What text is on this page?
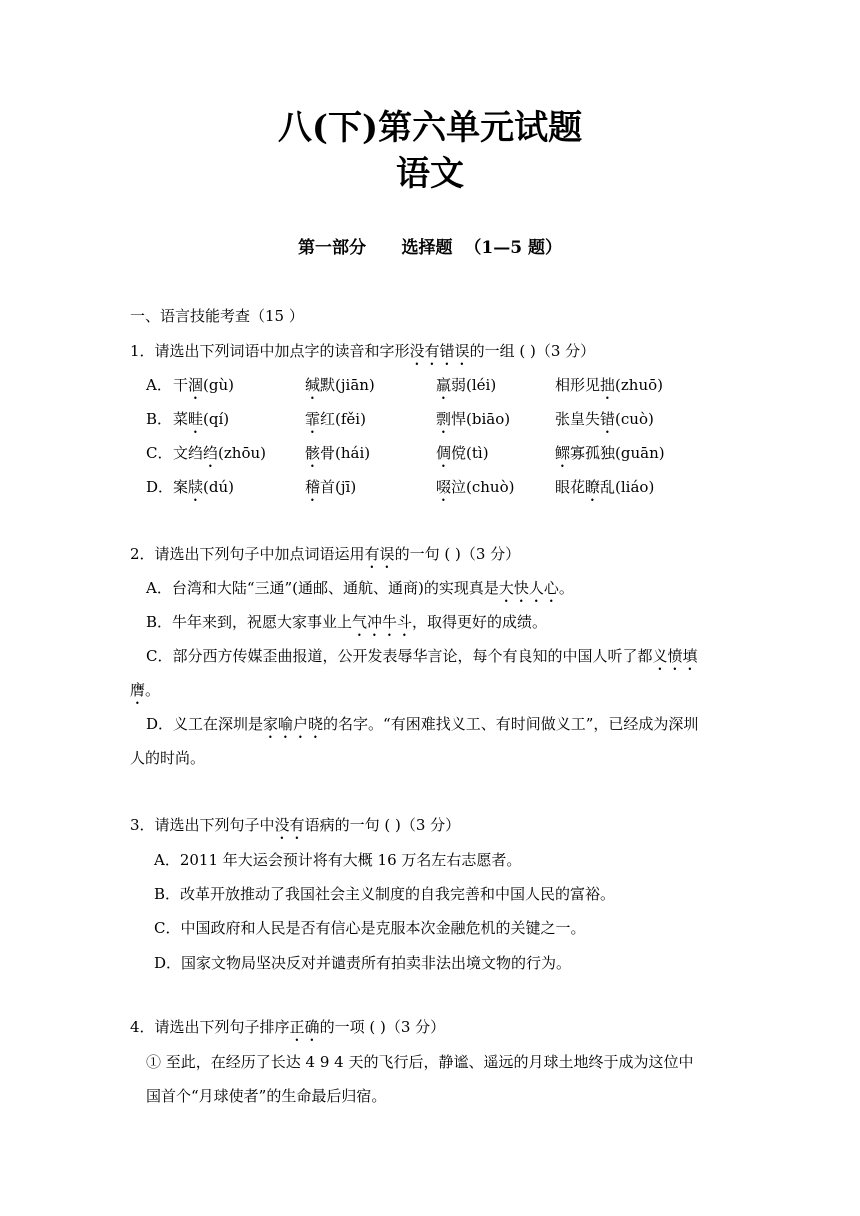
八(下)第六单元试题
语文
第一部分 选择题 （1—5 题）
一、语言技能考查（15 ）
1．请选出下列词语中加点字的读音和字形没有错误的一组 ( )（3 分）
A． 干涸(gù)	缄默(jiān)	羸弱(léi)	相形见拙(zhuō)
B． 菜畦(qí)	霏红(fěi)	剽悍(biāo)	张皇失错(cuò)
C． 文绉绉(zhōu)	骸骨(hái)	倜傥(tì)	鳏寡孤独(guān)
D． 案牍(dú)	稽首(jī)	啜泣(chuò)	眼花瞭乱(liáo)
2．请选出下列句子中加点词语运用有误的一句 ( )（3 分）
A．台湾和大陆“三通”(通邮、通航、通商)的实现真是大快人心。
B．牛年来到，祝愿大家事业上气冲牛斗，取得更好的成绩。
C．部分西方传媒歪曲报道，公开发表辱华言论，每个有良知的中国人听了都义愤填
膺。
D．义工在深圳是家喻户晓的名字。“有困难找义工、有时间做义工”，已经成为深圳
人的时尚。
3．请选出下列句子中没有语病的一句 ( )（3 分）
A．2011 年大运会预计将有大概 16 万名左右志愿者。
B．改革开放推动了我国社会主义制度的自我完善和中国人民的富裕。
C．中国政府和人民是否有信心是克服本次金融危机的关键之一。
D．国家文物局坚决反对并谴责所有拍卖非法出境文物的行为。
4．请选出下列句子排序正确的一项 ( )（3 分）
① 至此，在经历了长达 4 9 4 天的飞行后，静谧、遥远的月球土地终于成为这位中
国首个“月球使者”的生命最后归宿。
